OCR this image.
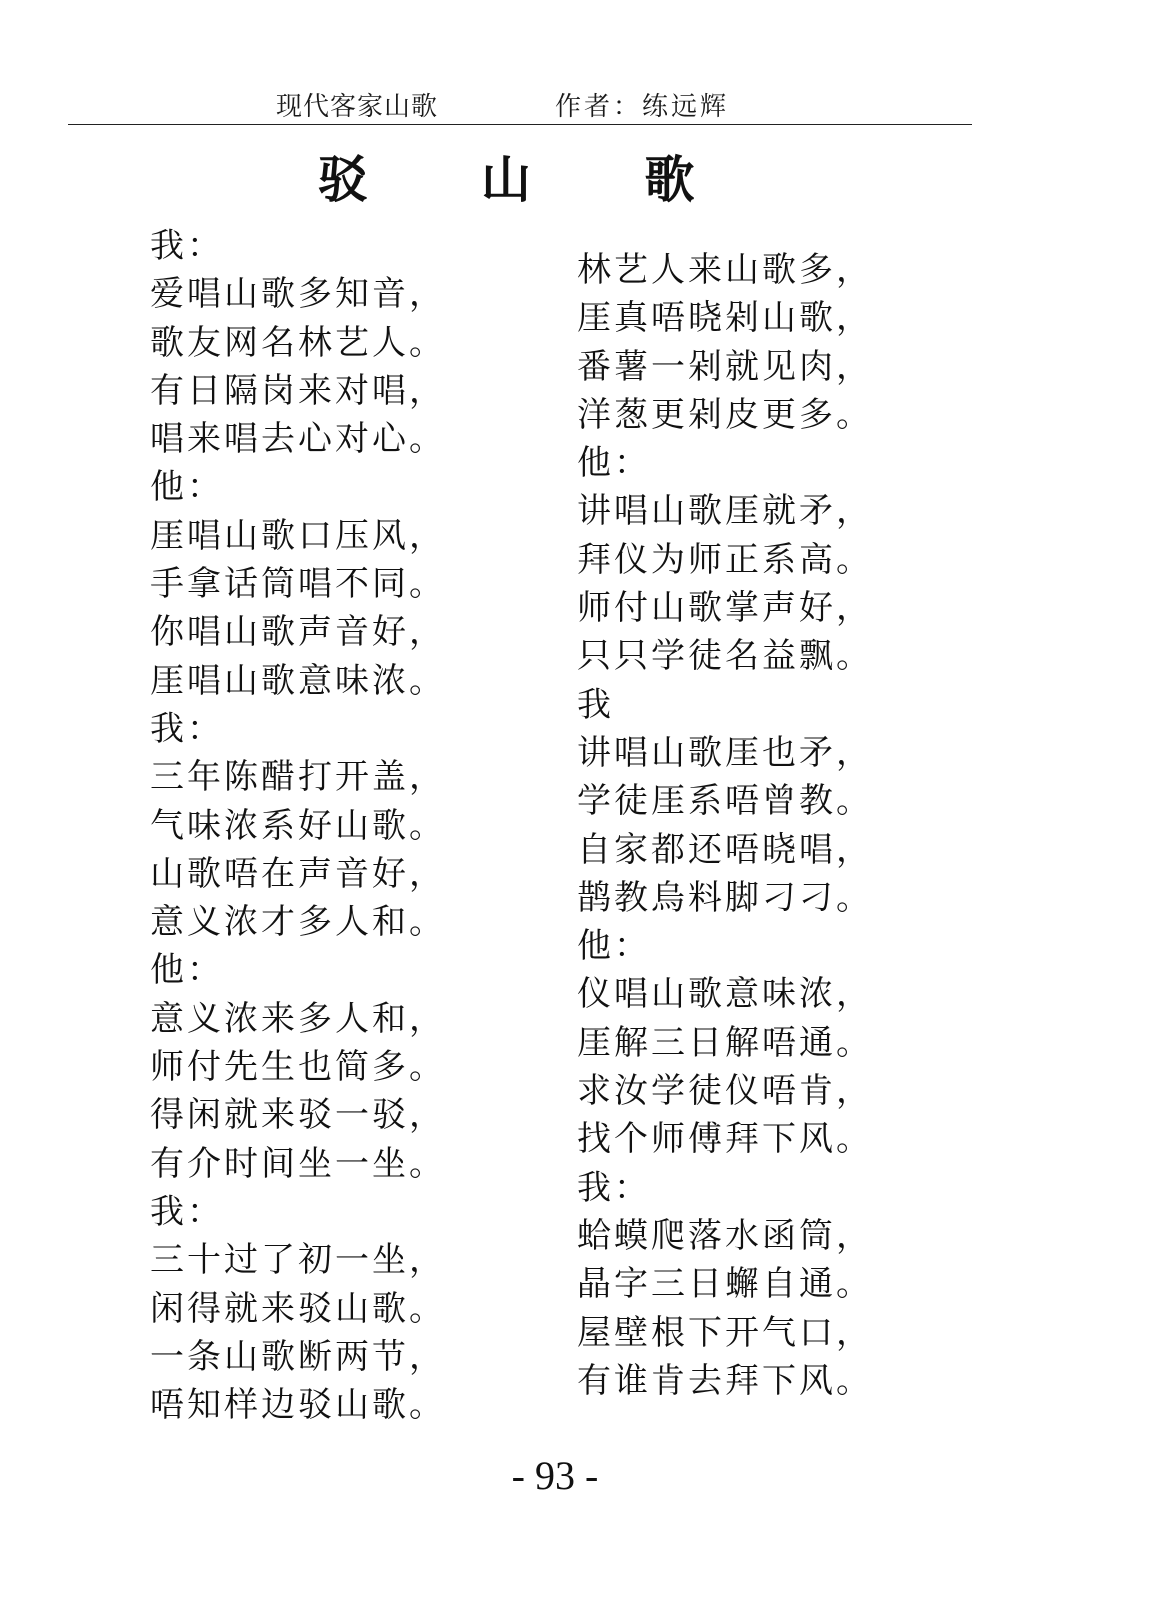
现代客家山歌	作者：练远辉
驳 山 歌
我：
爱唱山歌多知音，
歌友网名林艺人。
有日隔岗来对唱，
唱来唱去心对心。
他：
厓唱山歌口压风，
手拿话筒唱不同。
你唱山歌声音好，
厓唱山歌意味浓。
我：
三年陈醋打开盖，
气味浓系好山歌。
山歌唔在声音好，
意义浓才多人和。
他：
意义浓来多人和，
师付先生也简多。
得闲就来驳一驳，
有介时间坐一坐。
我：
三十过了初一坐，
闲得就来驳山歌。
一条山歌断两节，
唔知样边驳山歌。
林艺人来山歌多，
厓真唔晓剁山歌，
番薯一剁就见肉，
洋葱更剁皮更多。
他：
讲唱山歌厓就矛，
拜仪为师正系高。
师付山歌掌声好，
只只学徒名益飘。
我
讲唱山歌厓也矛，
学徒厓系唔曾教。
自家都还唔晓唱，
鹊教烏料脚刁刁。
他：
仪唱山歌意味浓，
厓解三日解唔通。
求汝学徒仪唔肯，
找个师傅拜下风。
我：
蛤蟆爬落水函筒，
晶字三日蠏自通。
屋壁根下开气口，
有谁肯去拜下风。
- 93 -
